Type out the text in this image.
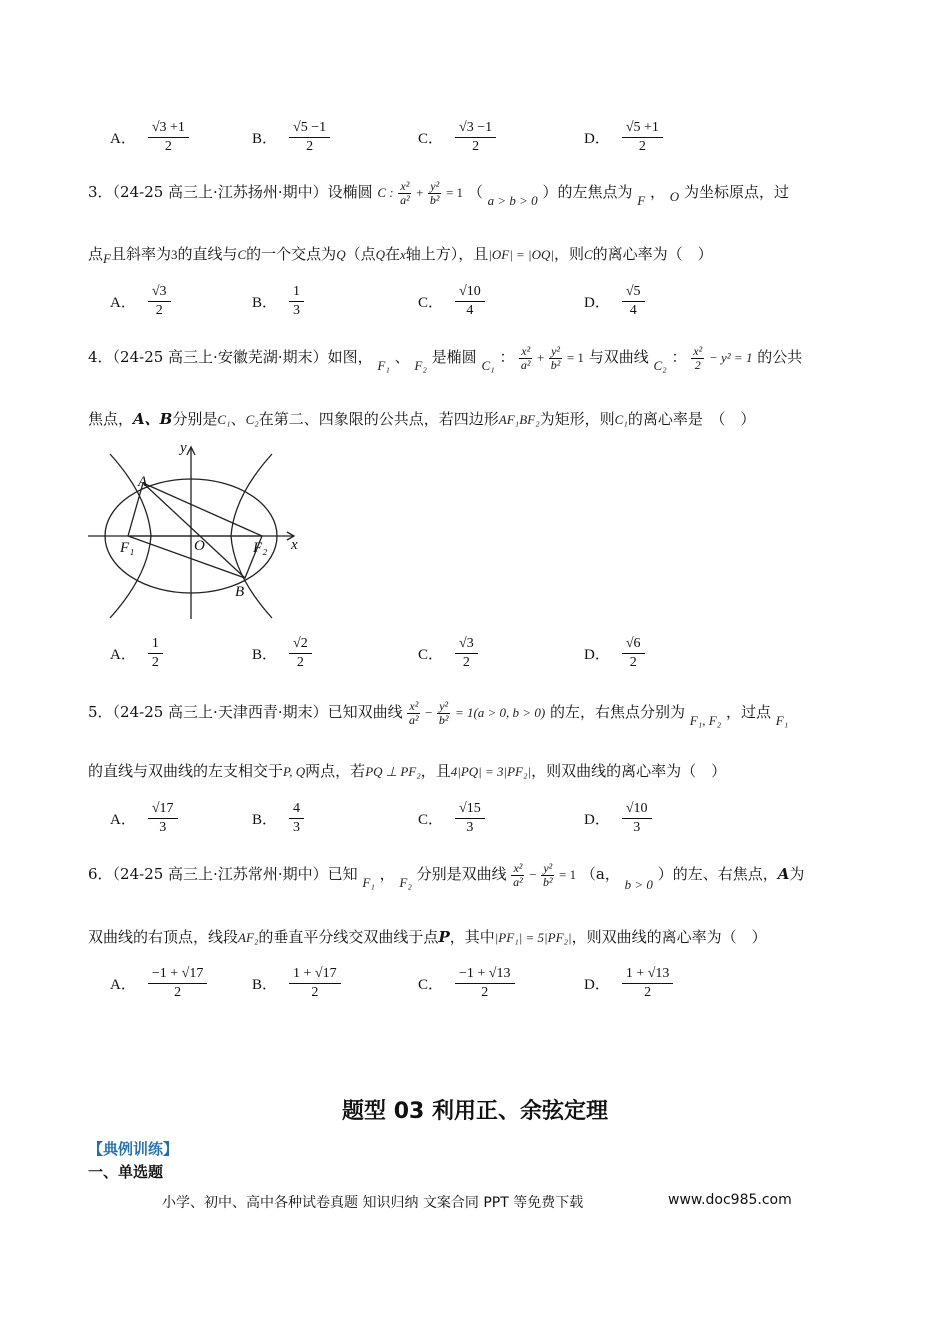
A． $\frac{√3 +1}{2}$	B． $\frac{√5 -1}{2}$	C． $\frac{√3 -1}{2}$	D． $\frac{√5 +1}{2}$
3．（24-25 高三上·江苏扬州·期中）设椭圆 C : $\frac{\text{x²}}{\text{a²}} + \frac{\text{y²}}{\text{b²}} = 1$ （ a > b > 0 ）的左焦点为 F ， O 为坐标原点，过
点F且斜率为3的直线与C的一个交点为Q（点Q在x轴上方），且|OF| = |OQ|，则C的离心率为（　）
A． $\frac{√3}{2}$	B． $\frac{1}{3}$	C． $\frac{√10}{4}$	D． $\frac{√5}{4}$
4．（24-25 高三上·安徽芜湖·期末）如图， F₁ 、 F₂ 是椭圆 C₁ ： $\frac{\text{x²}}{\text{a²}} + \frac{\text{y²}}{\text{b²}} = 1$ 与双曲线 C₂ ： $\frac{\text{x²}}{2} - y^2 = 1$ 的公共
焦点，A、B分别是C₁、C₂在第二、四象限的公共点，若四边形AF₁BF₂为矩形，则C₁的离心率是　（　）
y
x
O
A
B
F₁	F₂
A． $\frac{1}{2}$	B． $\frac{√2}{2}$	C． $\frac{√3}{2}$	D． $\frac{√6}{2}$
5．（24-25 高三上·天津西青·期末）已知双曲线 $\frac{\text{x²}}{\text{a²}} - \frac{\text{y²}}{\text{b²}} = 1(a > 0$, b > 0) 的左，右焦点分别为 F₁, F₂ ，过点 F₁
的直线与双曲线的左支相交于P, Q两点，若PQ ⊥ PF₂，且4|PQ| = 3|PF₂|，则双曲线的离心率为（　）
A． $\frac{√17}{3}$	B． $\frac{4}{3}$	C． $\frac{√15}{3}$	D． $\frac{√10}{3}$
6．（24-25 高三上·江苏常州·期中）已知 F₁ ， F₂ 分别是双曲线 $\frac{\text{x²}}{\text{a²}} - \frac{\text{y²}}{\text{b²}} = 1$ （a， b > 0 ）的左、右焦点，A为
双曲线的右顶点，线段AF₂的垂直平分线交双曲线于点P，其中|PF₁| = 5|PF₂|，则双曲线的离心率为（　）
A． $\frac{-1 + √17}{2}$	B． $\frac{1 + √17}{2}$	C． $\frac{-1 + √13}{2}$	D． $\frac{1 + √13}{2}$
题型 03 利用正、余弦定理
【典例训练】
一、单选题
小学、初中、高中各种试卷真题 知识归纳 文案合同 PPT 等免费下载	www.doc985.com
